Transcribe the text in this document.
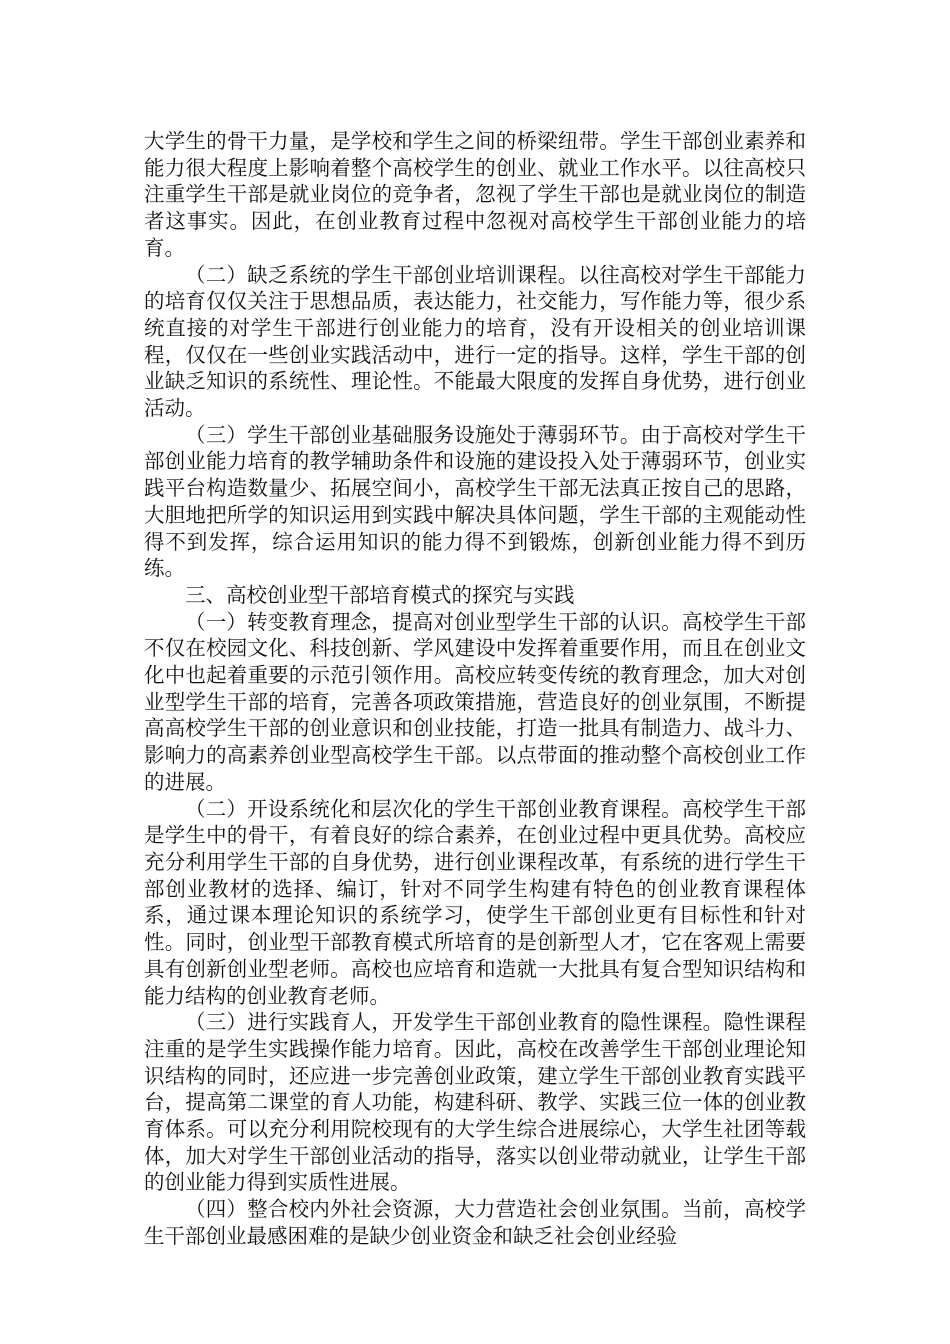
大学生的骨干力量，是学校和学生之间的桥梁纽带。学生干部创业素养和能力很大程度上影响着整个高校学生的创业、就业工作水平。以往高校只注重学生干部是就业岗位的竞争者，忽视了学生干部也是就业岗位的制造者这事实。因此，在创业教育过程中忽视对高校学生干部创业能力的培育。

（二）缺乏系统的学生干部创业培训课程。以往高校对学生干部能力的培育仅仅关注于思想品质，表达能力，社交能力，写作能力等，很少系统直接的对学生干部进行创业能力的培育，没有开设相关的创业培训课程，仅仅在一些创业实践活动中，进行一定的指导。这样，学生干部的创业缺乏知识的系统性、理论性。不能最大限度的发挥自身优势，进行创业活动。

（三）学生干部创业基础服务设施处于薄弱环节。由于高校对学生干部创业能力培育的教学辅助条件和设施的建设投入处于薄弱环节，创业实践平台构造数量少、拓展空间小，高校学生干部无法真正按自己的思路，大胆地把所学的知识运用到实践中解决具体问题，学生干部的主观能动性得不到发挥，综合运用知识的能力得不到锻炼，创新创业能力得不到历练。

三、高校创业型干部培育模式的探究与实践

（一）转变教育理念，提高对创业型学生干部的认识。高校学生干部不仅在校园文化、科技创新、学风建设中发挥着重要作用，而且在创业文化中也起着重要的示范引领作用。高校应转变传统的教育理念，加大对创业型学生干部的培育，完善各项政策措施，营造良好的创业氛围，不断提高高校学生干部的创业意识和创业技能，打造一批具有制造力、战斗力、影响力的高素养创业型高校学生干部。以点带面的推动整个高校创业工作的进展。

（二）开设系统化和层次化的学生干部创业教育课程。高校学生干部是学生中的骨干，有着良好的综合素养，在创业过程中更具优势。高校应充分利用学生干部的自身优势，进行创业课程改革，有系统的进行学生干部创业教材的选择、编订，针对不同学生构建有特色的创业教育课程体系，通过课本理论知识的系统学习，使学生干部创业更有目标性和针对性。同时，创业型干部教育模式所培育的是创新型人才，它在客观上需要具有创新创业型老师。高校也应培育和造就一大批具有复合型知识结构和能力结构的创业教育老师。

（三）进行实践育人，开发学生干部创业教育的隐性课程。隐性课程注重的是学生实践操作能力培育。因此，高校在改善学生干部创业理论知识结构的同时，还应进一步完善创业政策，建立学生干部创业教育实践平台，提高第二课堂的育人功能，构建科研、教学、实践三位一体的创业教育体系。可以充分利用院校现有的大学生综合进展综心，大学生社团等载体，加大对学生干部创业活动的指导，落实以创业带动就业，让学生干部的创业能力得到实质性进展。

（四）整合校内外社会资源，大力营造社会创业氛围。当前，高校学生干部创业最感困难的是缺少创业资金和缺乏社会创业经验
